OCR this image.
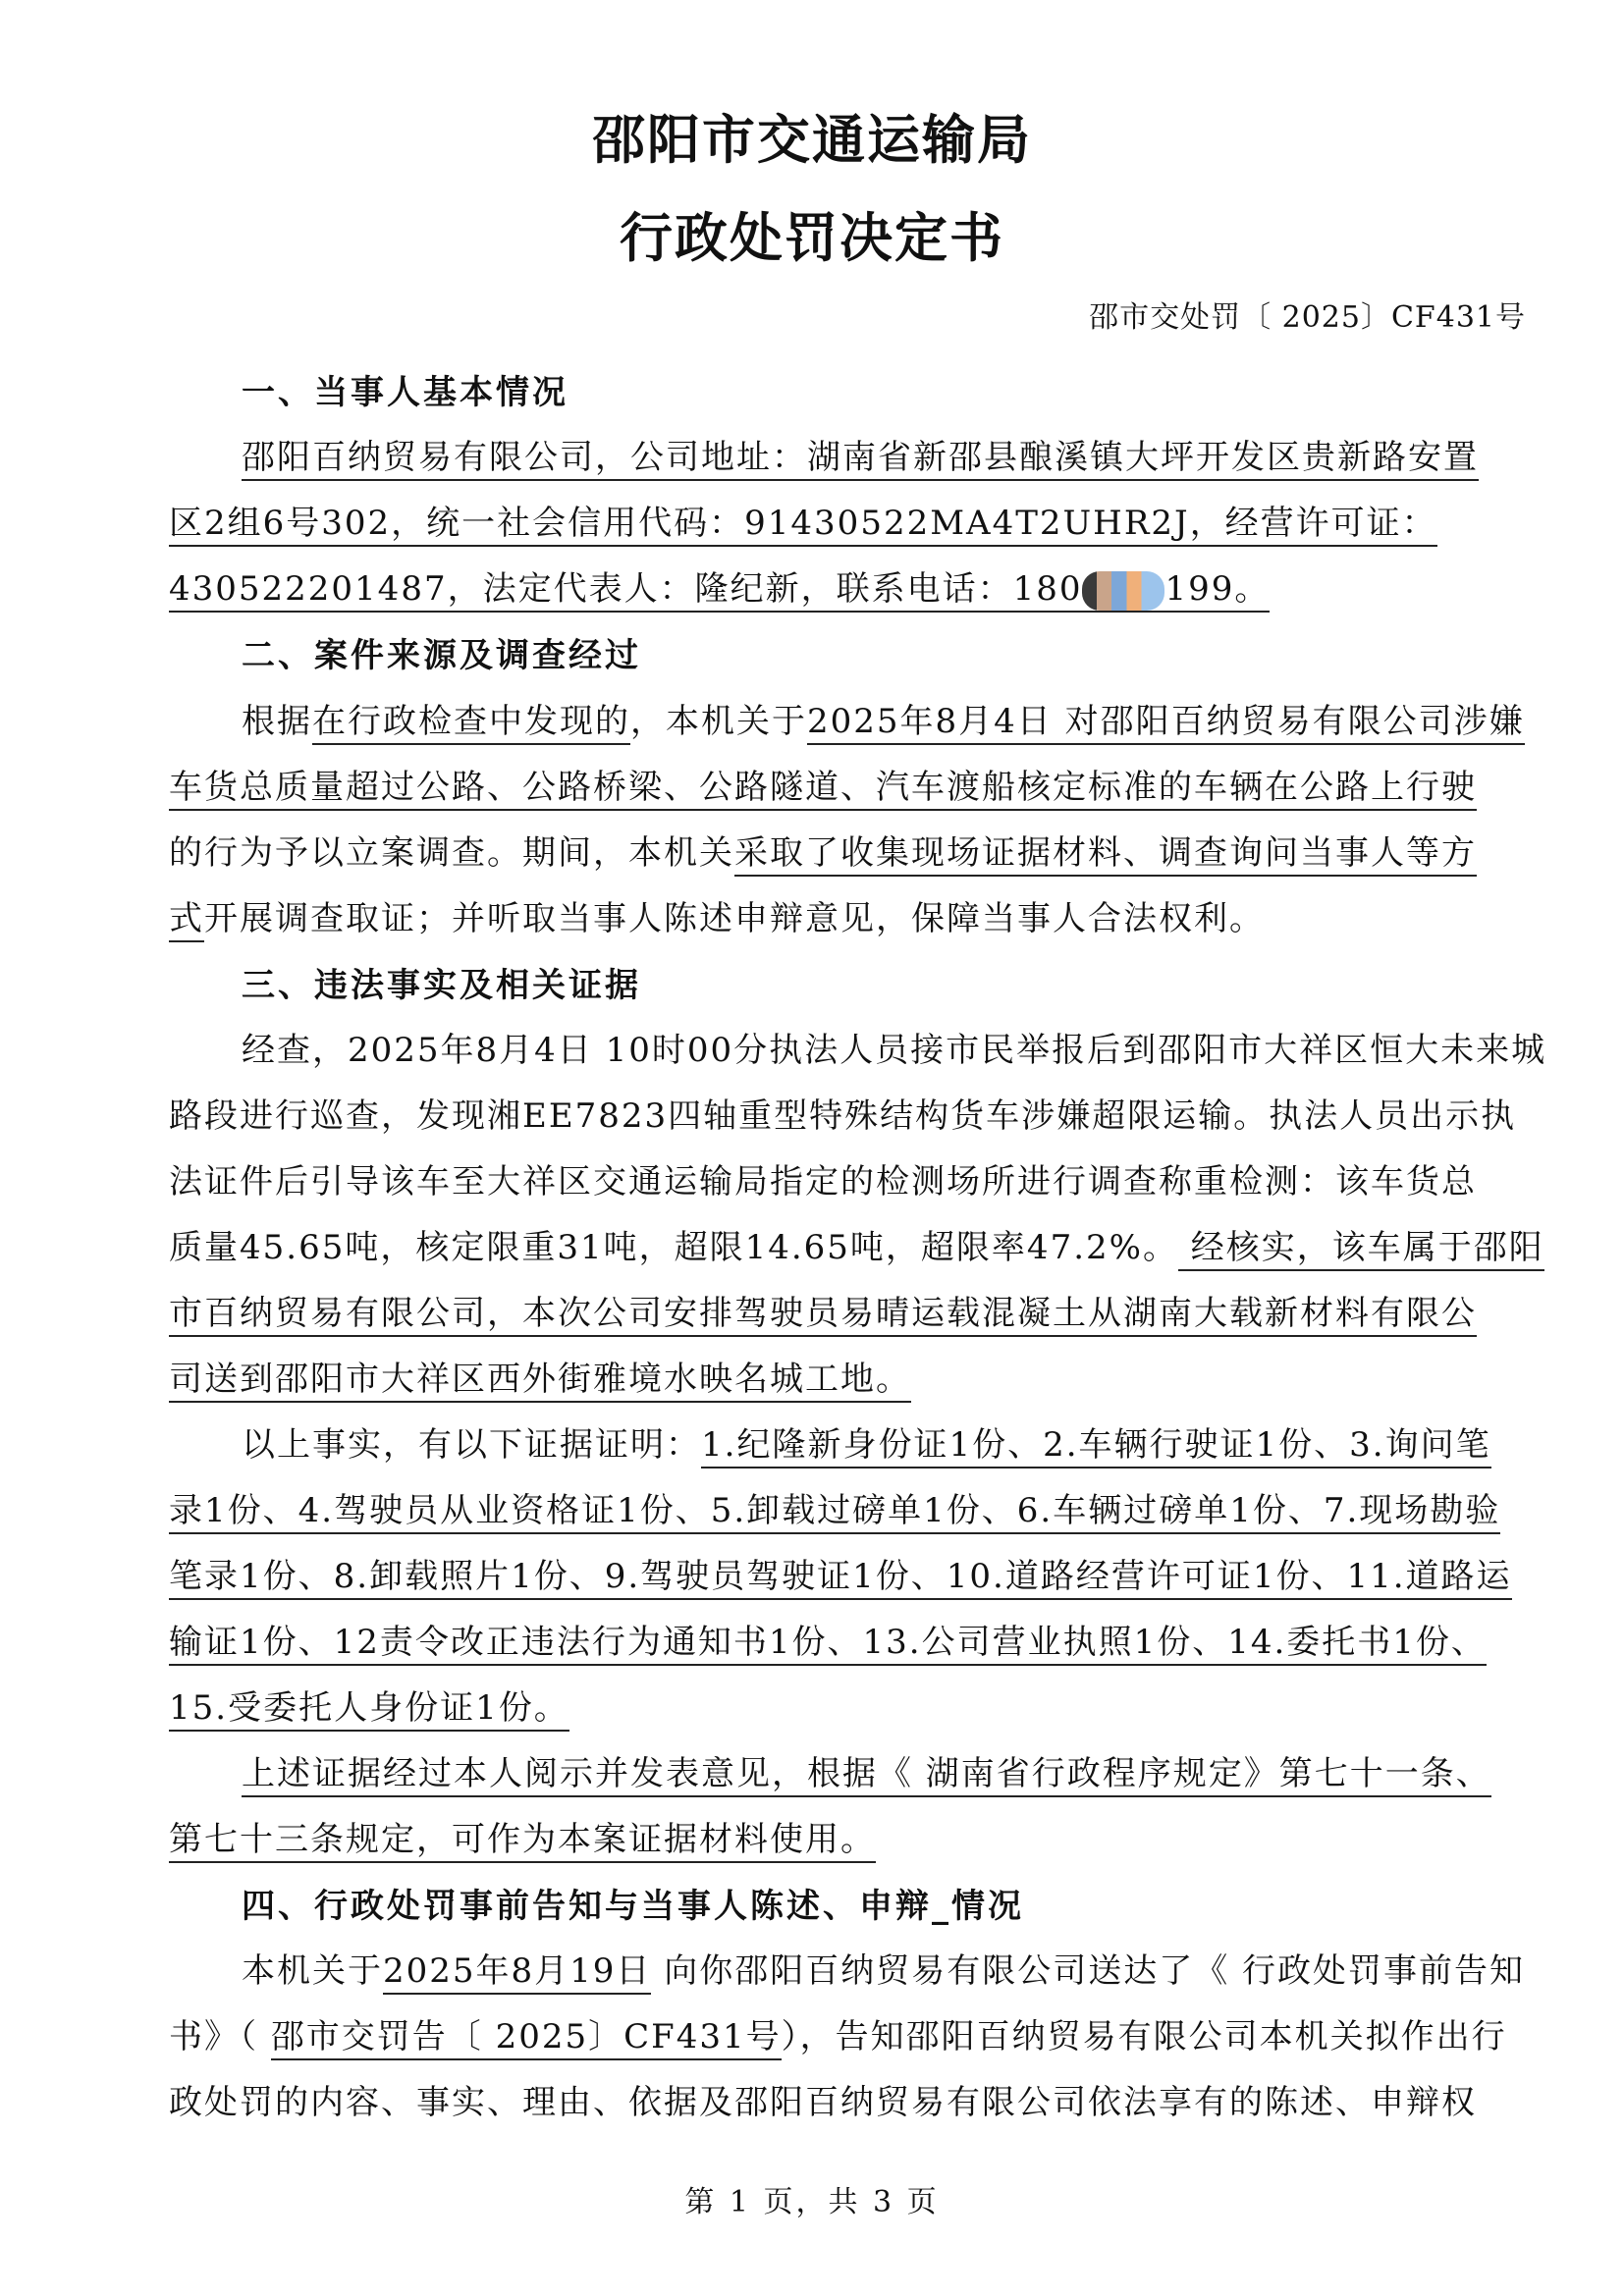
邵阳市交通运输局
行政处罚决定书
邵市交处罚〔 2025〕CF431号
一、当事人基本情况
邵阳百纳贸易有限公司，公司地址：湖南省新邵县酿溪镇大坪开发区贵新路安置
区2组6号302，统一社会信用代码：91430522MA4T2UHR2J，经营许可证：
430522201487，法定代表人：隆纪新，联系电话：180 199。
二、案件来源及调查经过
根据在行政检查中发现的，本机关于2025年8月4日 对邵阳百纳贸易有限公司涉嫌
车货总质量超过公路、公路桥梁、公路隧道、汽车渡船核定标准的车辆在公路上行驶
的行为予以立案调查。期间，本机关采取了收集现场证据材料、调查询问当事人等方
式开展调查取证；并听取当事人陈述申辩意见，保障当事人合法权利。
三、违法事实及相关证据
经查，2025年8月4日 10时00分执法人员接市民举报后到邵阳市大祥区恒大未来城
路段进行巡查，发现湘EE7823四轴重型特殊结构货车涉嫌超限运输。执法人员出示执
法证件后引导该车至大祥区交通运输局指定的检测场所进行调查称重检测：该车货总
质量45.65吨，核定限重31吨，超限14.65吨，超限率47.2%。 经核实，该车属于邵阳
市百纳贸易有限公司，本次公司安排驾驶员易晴运载混凝土从湖南大载新材料有限公
司送到邵阳市大祥区西外街雅境水映名城工地。
以上事实，有以下证据证明：1.纪隆新身份证1份、2.车辆行驶证1份、3.询问笔
录1份、4.驾驶员从业资格证1份、5.卸载过磅单1份、6.车辆过磅单1份、7.现场勘验
笔录1份、8.卸载照片1份、9.驾驶员驾驶证1份、10.道路经营许可证1份、11.道路运
输证1份、12责令改正违法行为通知书1份、13.公司营业执照1份、14.委托书1份、
15.受委托人身份证1份。
上述证据经过本人阅示并发表意见，根据《 湖南省行政程序规定》第七十一条、
第七十三条规定，可作为本案证据材料使用。
四、行政处罚事前告知与当事人陈述、申辩_情况
本机关于2025年8月19日 向你邵阳百纳贸易有限公司送达了《 行政处罚事前告知
书》（ 邵市交罚告〔 2025〕CF431号），告知邵阳百纳贸易有限公司本机关拟作出行
政处罚的内容、事实、理由、依据及邵阳百纳贸易有限公司依法享有的陈述、申辩权
第 1 页，共 3 页
